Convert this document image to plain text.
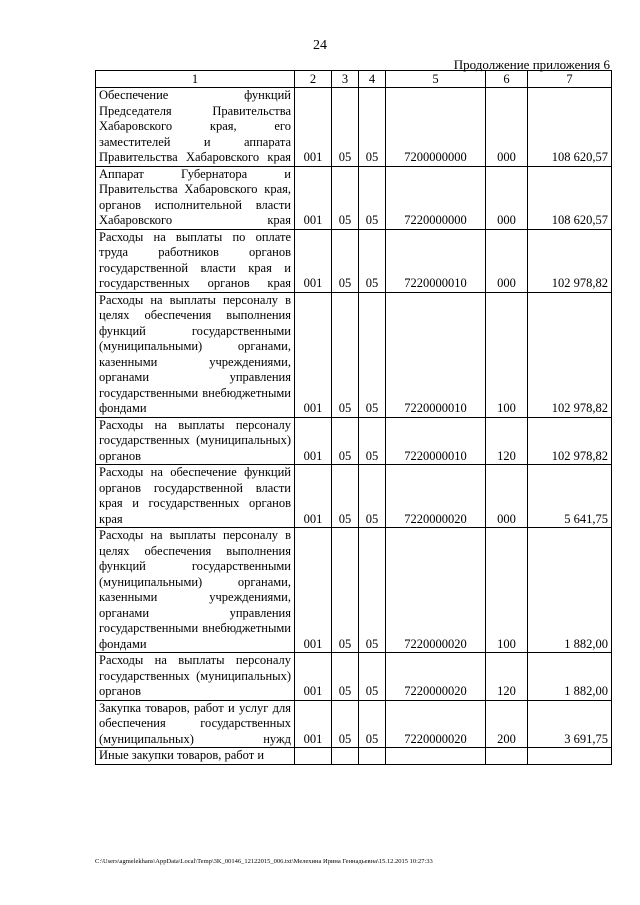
24
Продолжение приложения 6
1	2	3	4	5	6	7
Обеспечение функций Председателя Правительства Хабаровского края, его заместителей и аппарата Правительства Хабаровского края	001	05	05	7200000000	000	108 620,57
Аппарат Губернатора и Правительства Хабаровского края, органов исполнительной власти Хабаровского края	001	05	05	7220000000	000	108 620,57
Расходы на выплаты по оплате труда работников органов государственной власти края и государственных органов края	001	05	05	7220000010	000	102 978,82
Расходы на выплаты персоналу в целях обеспечения выполнения функций государственными (муниципальными) органами, казенными учреждениями, органами управления государственными внебюджетными фондами	001	05	05	7220000010	100	102 978,82
Расходы на выплаты персоналу государственных (муниципальных) органов	001	05	05	7220000010	120	102 978,82
Расходы на обеспечение функций органов государственной власти края и государственных органов края	001	05	05	7220000020	000	5 641,75
Расходы на выплаты персоналу в целях обеспечения выполнения функций государственными (муниципальными) органами, казенными учреждениями, органами управления государственными внебюджетными фондами	001	05	05	7220000020	100	1 882,00
Расходы на выплаты персоналу государственных (муниципальных) органов	001	05	05	7220000020	120	1 882,00
Закупка товаров, работ и услуг для обеспечения государственных (муниципальных) нужд	001	05	05	7220000020	200	3 691,75
Иные закупки товаров, работ и						
C:\Users\agmelekhans\AppData\Local\Temp\3K_00146_12122015_006.txt\Мелехина Ирина Геннадьевна\15.12.2015 10:27:33
